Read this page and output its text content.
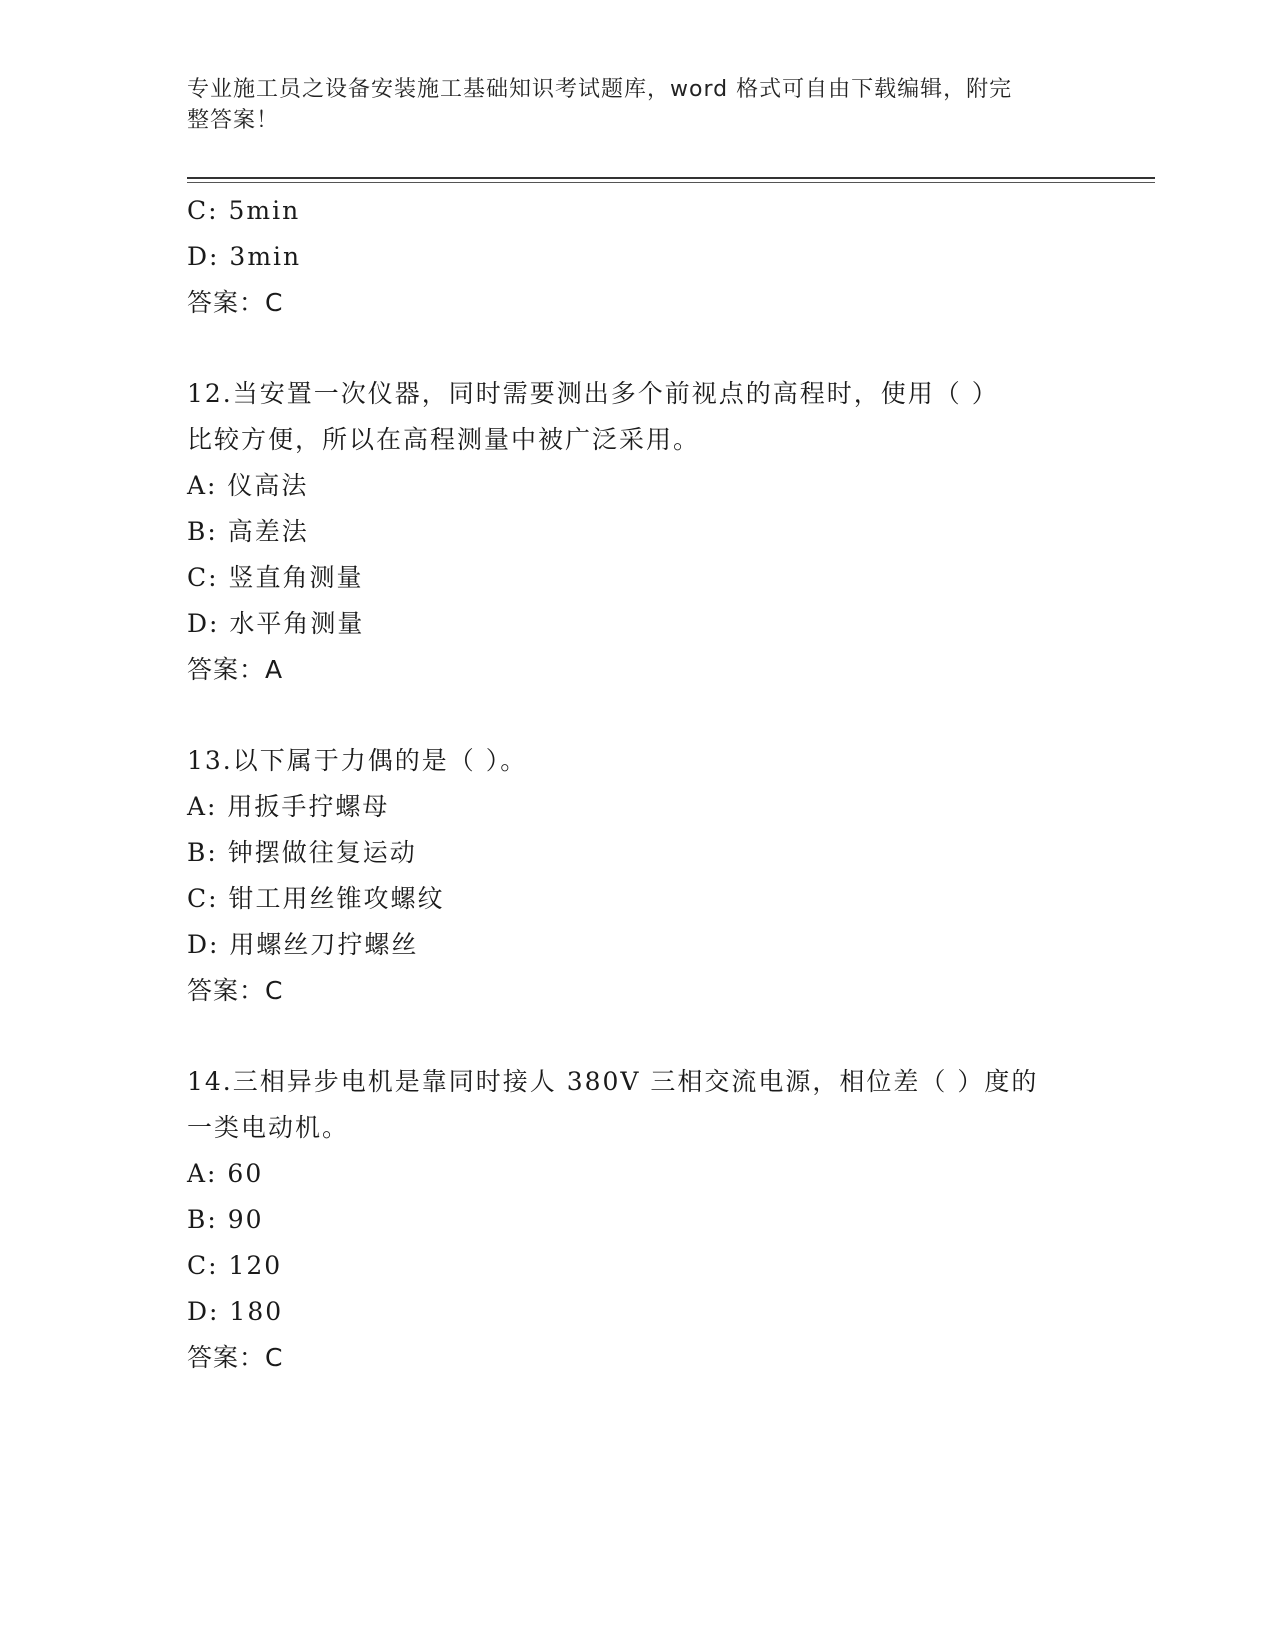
专业施工员之设备安装施工基础知识考试题库，word 格式可自由下载编辑，附完
整答案！
C: 5min
D: 3min
答案：C
12.当安置一次仪器，同时需要测出多个前视点的高程时，使用（ ）
比较方便，所以在高程测量中被广泛采用。
A: 仪高法
B: 高差法
C: 竖直角测量
D: 水平角测量
答案：A
13.以下属于力偶的是（ ）。
A: 用扳手拧螺母
B: 钟摆做往复运动
C: 钳工用丝锥攻螺纹
D: 用螺丝刀拧螺丝
答案：C
14.三相异步电机是靠同时接人 380V 三相交流电源，相位差（ ）度的
一类电动机。
A: 60
B: 90
C: 120
D: 180
答案：C
